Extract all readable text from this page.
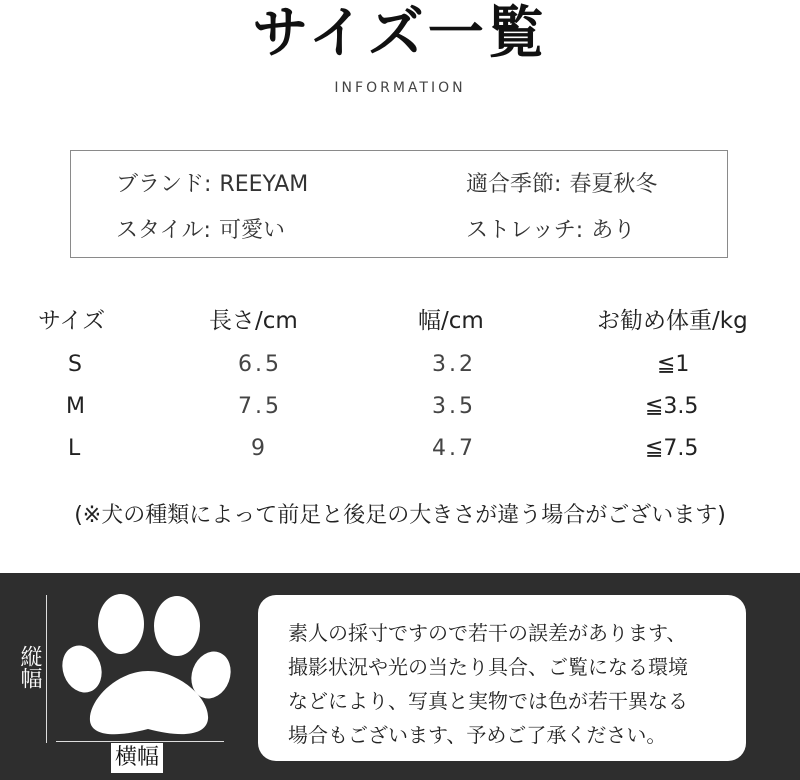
サイズ一覧
INFORMATION
ブランド: REEYAM	適合季節: 春夏秋冬
スタイル: 可愛い	ストレッチ: あり
サイズ	長さ/cm	幅/cm	お勧め体重/kg
S	6.5	3.2	≦1
M	7.5	3.5	≦3.5
L	9	4.7	≦7.5
(※犬の種類によって前足と後足の大きさが違う場合がございます)
縦幅
横幅
素人の採寸ですので若干の誤差があります、
撮影状況や光の当たり具合、ご覧になる環境
などにより、写真と実物では色が若干異なる
場合もございます、予めご了承ください。
